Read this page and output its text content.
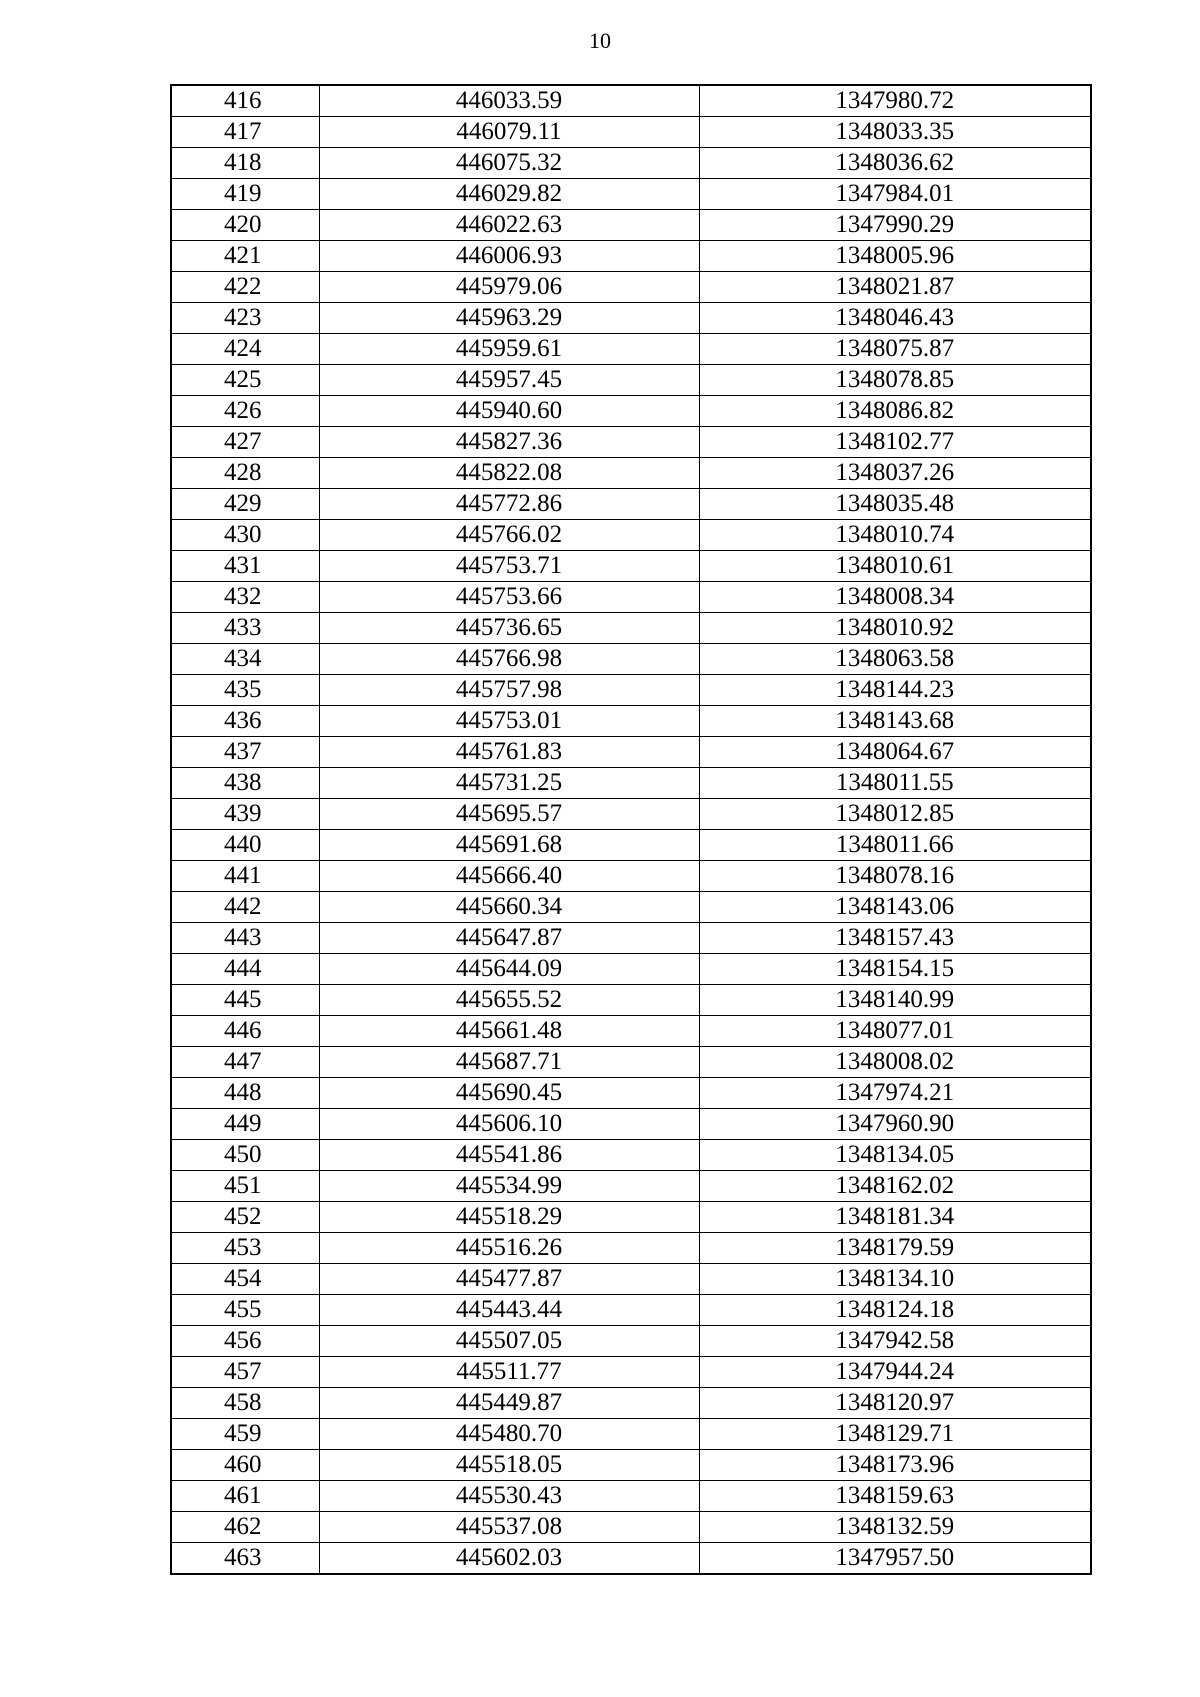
10
416	446033.59	1347980.72
417	446079.11	1348033.35
418	446075.32	1348036.62
419	446029.82	1347984.01
420	446022.63	1347990.29
421	446006.93	1348005.96
422	445979.06	1348021.87
423	445963.29	1348046.43
424	445959.61	1348075.87
425	445957.45	1348078.85
426	445940.60	1348086.82
427	445827.36	1348102.77
428	445822.08	1348037.26
429	445772.86	1348035.48
430	445766.02	1348010.74
431	445753.71	1348010.61
432	445753.66	1348008.34
433	445736.65	1348010.92
434	445766.98	1348063.58
435	445757.98	1348144.23
436	445753.01	1348143.68
437	445761.83	1348064.67
438	445731.25	1348011.55
439	445695.57	1348012.85
440	445691.68	1348011.66
441	445666.40	1348078.16
442	445660.34	1348143.06
443	445647.87	1348157.43
444	445644.09	1348154.15
445	445655.52	1348140.99
446	445661.48	1348077.01
447	445687.71	1348008.02
448	445690.45	1347974.21
449	445606.10	1347960.90
450	445541.86	1348134.05
451	445534.99	1348162.02
452	445518.29	1348181.34
453	445516.26	1348179.59
454	445477.87	1348134.10
455	445443.44	1348124.18
456	445507.05	1347942.58
457	445511.77	1347944.24
458	445449.87	1348120.97
459	445480.70	1348129.71
460	445518.05	1348173.96
461	445530.43	1348159.63
462	445537.08	1348132.59
463	445602.03	1347957.50
